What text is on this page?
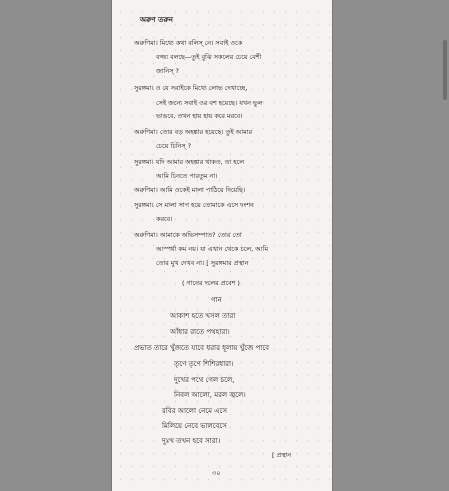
অরুণ তরুন
অরুণিমা। মিথ্যে কথা বলিস্ নে। সবাই ওকে
বজ্জ্য বলছে—তুই বুঝি সকলের চেয়ে বেশী
জানিস্ ?
সুরঙ্গমা। ও যে সবাইকে মিথ্যে লোভ দেখাচ্ছে,
সেই জন্যে সবাই ওর বশ হয়েছে। যখন ভুল
ভাঙবে, তখন হায় হায় করে মরবে।
অরুণিমা। তোর বড় অহঙ্কার হয়েছে। তুই আমার
চেয়ে চিনিস্ ?
সুরঙ্গমা। যদি আমার অহঙ্কার থাকত, তা হলে
আমি চিনতে পারতুম না।
অরুণিমা। আমি ওকেই মালা পাঠিয়ে দিয়েছি।
সুরঙ্গমা। সে মালা সাপ হয়ে তোমাকে এসে দংশন
করবে।
অরুণিমা। আমাকে অভিসম্পাত? তোর তো
আস্পর্ধা কম নয়। যা এখান থেকে চলে, আমি
তোর মুখ দেখব না। [ সুরঙ্গমার প্রস্থান
( গানের দলের প্রবেশ )
গান
আকাশ হতে খসল তারা
আঁধার রাতে পথহারা।
প্রভাত তারে খুঁজতে যাবে ধরার ধূলায় খুঁজে পাবে
তৃণে তৃণে শিশিরধারা।
দুখের পথে গেল চলে,
নিবল আলো, মরল জ্বলে।
রবির আলো নেমে এসে
মিলিয়ে নেবে ভালবেসে
দুঃখ তখন হবে সারা।
[ প্রস্থান
৩০
